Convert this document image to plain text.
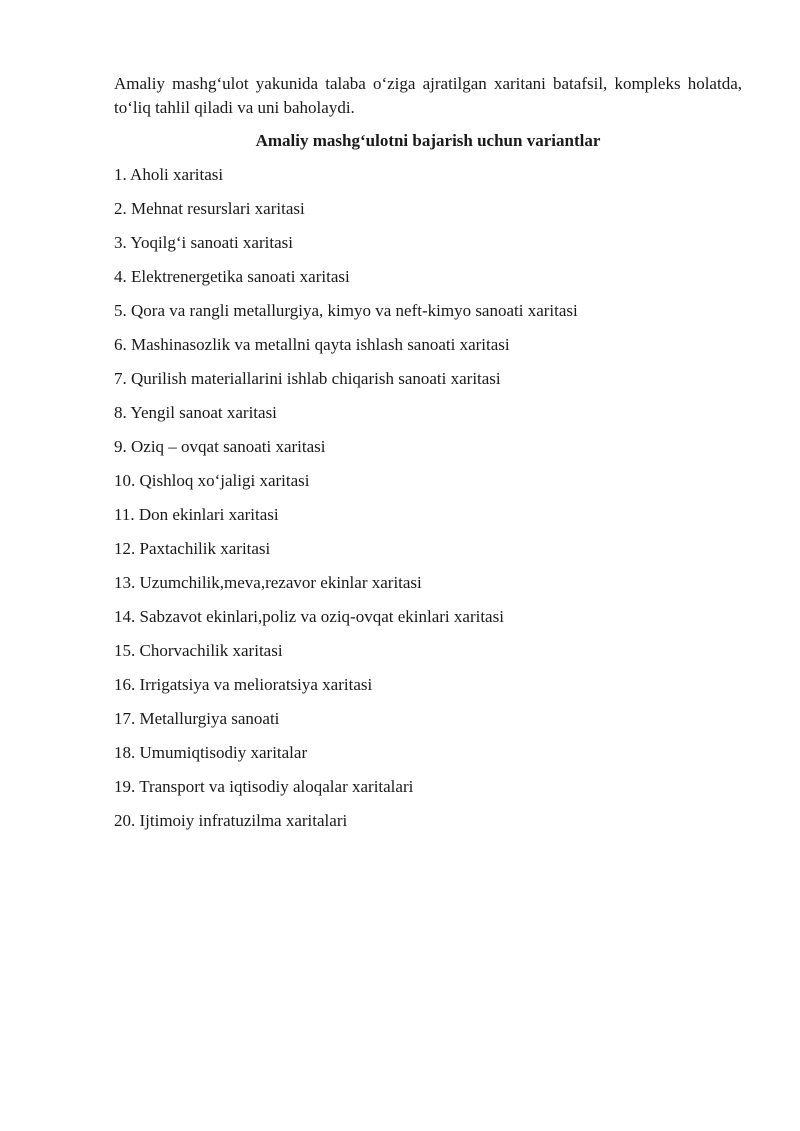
Amaliy mashg‘ulot yakunida talaba o‘ziga ajratilgan xaritani batafsil, kompleks holatda, to‘liq tahlil qiladi va uni baholaydi.

Amaliy mashg‘ulotni bajarish uchun variantlar
1. Aholi xaritasi
2. Mehnat resurslari xaritasi
3. Yoqilg‘i sanoati xaritasi
4. Elektrenergetika sanoati xaritasi
5. Qora va rangli metallurgiya, kimyo va neft-kimyo sanoati xaritasi
6. Mashinasozlik va metallni qayta ishlash sanoati xaritasi
7. Qurilish materiallarini ishlab chiqarish sanoati xaritasi
8. Yengil sanoat xaritasi
9. Oziq – ovqat sanoati xaritasi
10. Qishloq xo‘jaligi xaritasi
11. Don ekinlari xaritasi
12. Paxtachilik xaritasi
13. Uzumchilik,meva,rezavor ekinlar xaritasi
14. Sabzavot ekinlari,poliz va oziq-ovqat ekinlari xaritasi
15. Chorvachilik xaritasi
16. Irrigatsiya va melioratsiya xaritasi
17. Metallurgiya sanoati
18. Umumiqtisodiy xaritalar
19. Transport va iqtisodiy aloqalar xaritalari
20. Ijtimoiy infratuzilma xaritalari
